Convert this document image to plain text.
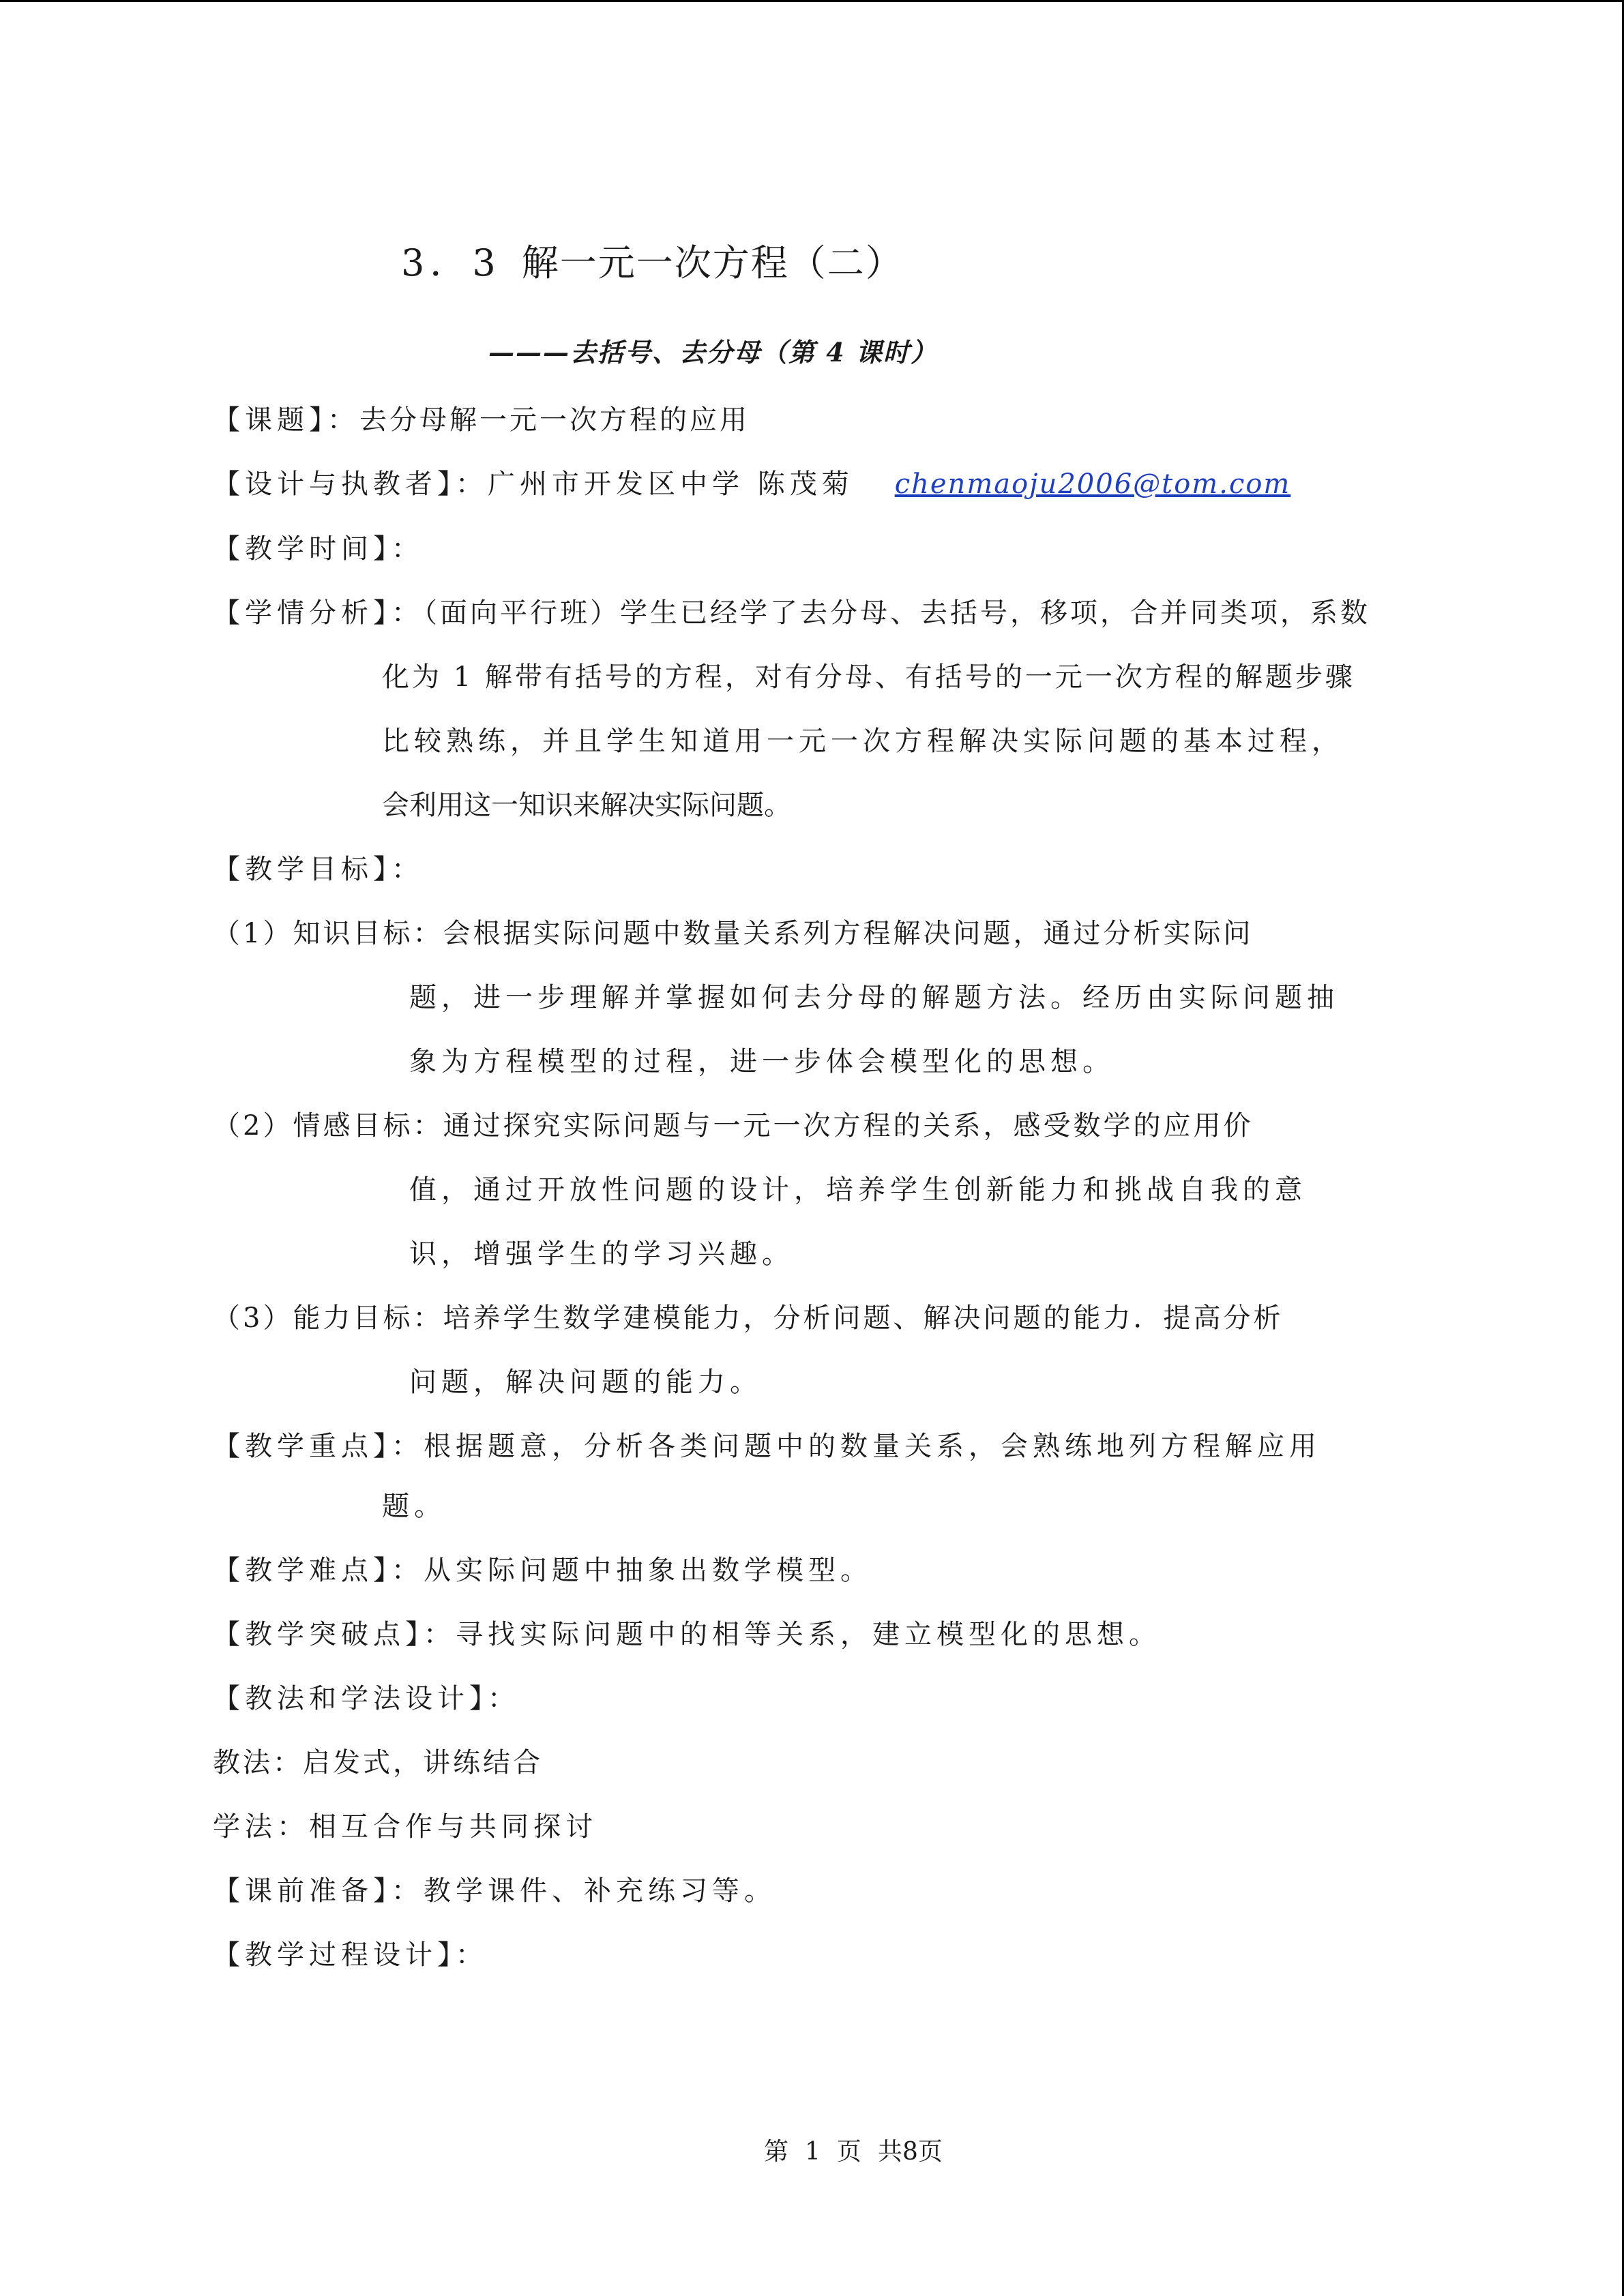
3．3 解一元一次方程（二）
———去括号、去分母（第 4 课时）
【课题】：去分母解一元一次方程的应用
【设计与执教者】：广州市开发区中学 陈茂菊 chenmaoju2006@tom.com
【教学时间】：
【学情分析】：（面向平行班）学生已经学了去分母、去括号，移项，合并同类项，系数
化为 1 解带有括号的方程，对有分母、有括号的一元一次方程的解题步骤
比较熟练，并且学生知道用一元一次方程解决实际问题的基本过程，
会利用这一知识来解决实际问题。
【教学目标】：
（1）知识目标：会根据实际问题中数量关系列方程解决问题，通过分析实际问
题，进一步理解并掌握如何去分母的解题方法。经历由实际问题抽
象为方程模型的过程，进一步体会模型化的思想。
（2）情感目标：通过探究实际问题与一元一次方程的关系，感受数学的应用价
值，通过开放性问题的设计，培养学生创新能力和挑战自我的意
识，增强学生的学习兴趣。
（3）能力目标：培养学生数学建模能力，分析问题、解决问题的能力．提高分析
问题，解决问题的能力。
【教学重点】：根据题意，分析各类问题中的数量关系，会熟练地列方程解应用
题。
【教学难点】：从实际问题中抽象出数学模型。
【教学突破点】：寻找实际问题中的相等关系，建立模型化的思想。
【教法和学法设计】：
教法：启发式，讲练结合
学法：相互合作与共同探讨
【课前准备】：教学课件、补充练习等。
【教学过程设计】：
第 1 页 共8页
